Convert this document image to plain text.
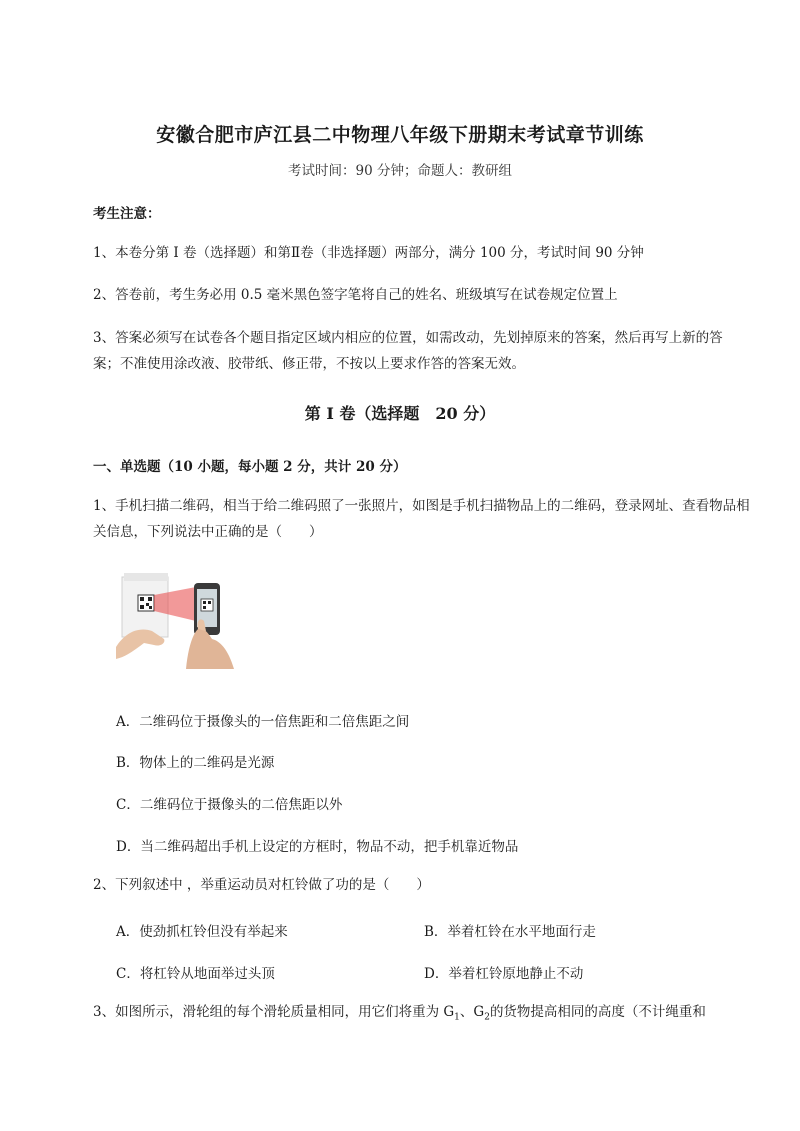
安徽合肥市庐江县二中物理八年级下册期末考试章节训练
考试时间：90 分钟；命题人：教研组
考生注意：
1、本卷分第 I 卷（选择题）和第Ⅱ卷（非选择题）两部分，满分 100 分，考试时间 90 分钟
2、答卷前，考生务必用 0.5 毫米黑色签字笔将自己的姓名、班级填写在试卷规定位置上
3、答案必须写在试卷各个题目指定区域内相应的位置，如需改动，先划掉原来的答案，然后再写上新的答案；不准使用涂改液、胶带纸、修正带，不按以上要求作答的答案无效。
第 I 卷（选择题　20 分）
一、单选题（10 小题，每小题 2 分，共计 20 分）
1、手机扫描二维码，相当于给二维码照了一张照片，如图是手机扫描物品上的二维码，登录网址、查看物品相关信息，下列说法中正确的是（　　）
A．二维码位于摄像头的一倍焦距和二倍焦距之间
B．物体上的二维码是光源
C．二维码位于摄像头的二倍焦距以外
D．当二维码超出手机上设定的方框时，物品不动，把手机靠近物品
2、下列叙述中 ，举重运动员对杠铃做了功的是（　　）
A．使劲抓杠铃但没有举起来	B．举着杠铃在水平地面行走
C．将杠铃从地面举过头顶	D．举着杠铃原地静止不动
3、如图所示，滑轮组的每个滑轮质量相同，用它们将重为 $G_1$、$G_2$的货物提高相同的高度（不计绳重和
